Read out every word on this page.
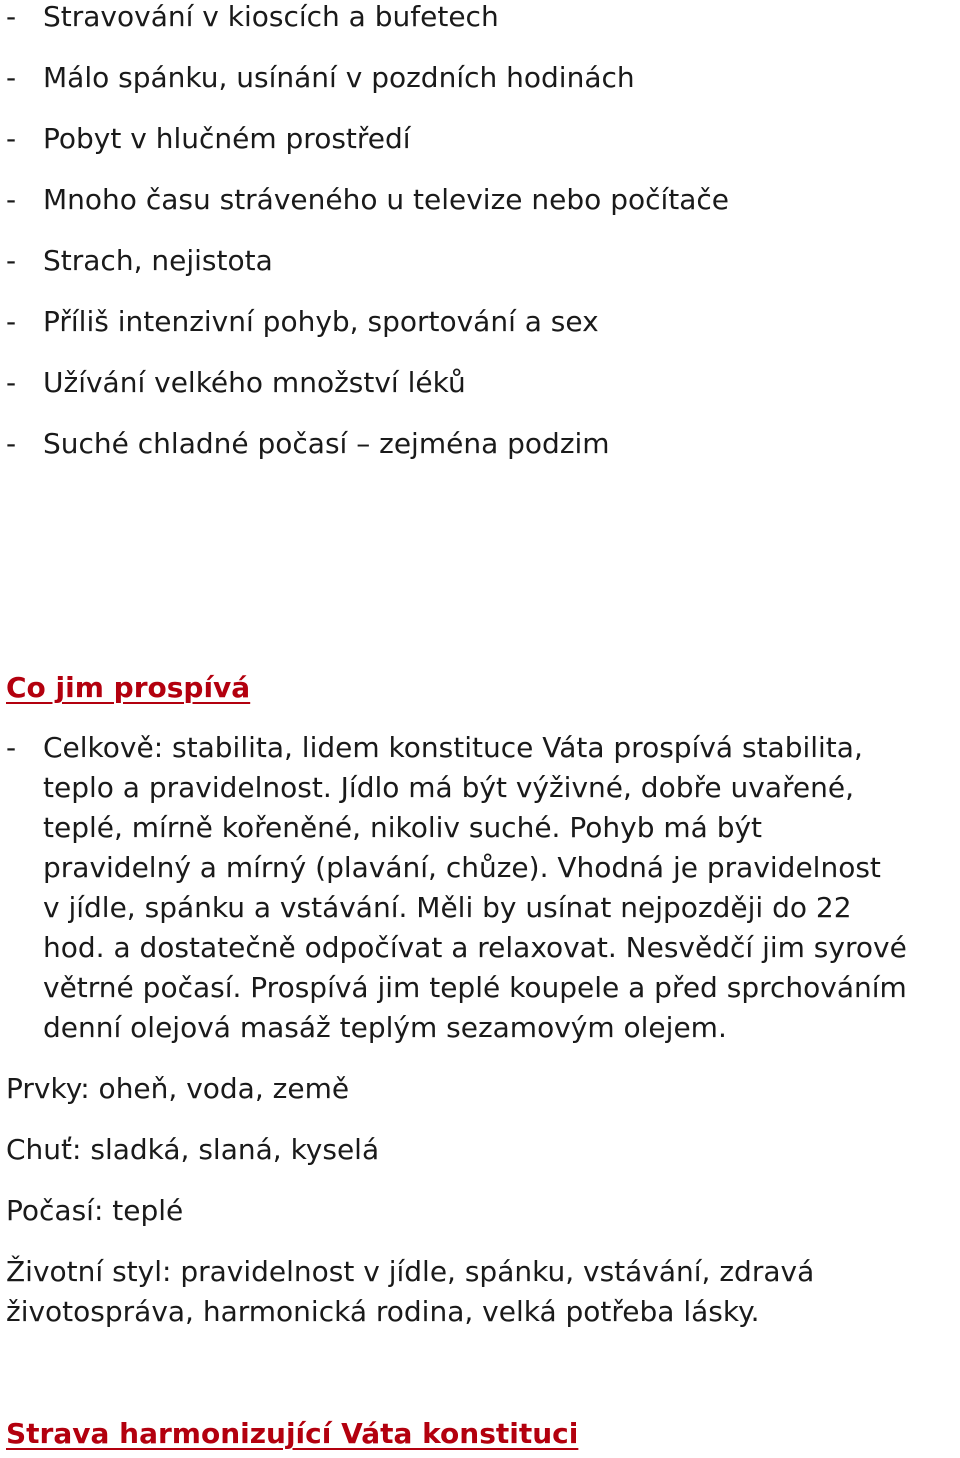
- Stravování v kioscích a bufetech
- Málo spánku, usínání v pozdních hodinách
- Pobyt v hlučném prostředí
- Mnoho času stráveného u televize nebo počítače
- Strach, nejistota
- Příliš intenzivní pohyb, sportování a sex
- Užívání velkého množství léků
- Suché chladné počasí – zejména podzim
Co jim prospívá
- Celkově: stabilita, lidem konstituce Váta prospívá stabilita,
teplo a pravidelnost. Jídlo má být výživné, dobře uvařené,
teplé, mírně kořeněné, nikoliv suché. Pohyb má být
pravidelný a mírný (plavání, chůze). Vhodná je pravidelnost
v jídle, spánku a vstávání. Měli by usínat nejpozději do 22
hod. a dostatečně odpočívat a relaxovat. Nesvědčí jim syrové
větrné počasí. Prospívá jim teplé koupele a před sprchováním
denní olejová masáž teplým sezamovým olejem.
Prvky: oheň, voda, země
Chuť: sladká, slaná, kyselá
Počasí: teplé
Životní styl: pravidelnost v jídle, spánku, vstávání, zdravá
životospráva, harmonická rodina, velká potřeba lásky.
Strava harmonizující Váta konstituci
